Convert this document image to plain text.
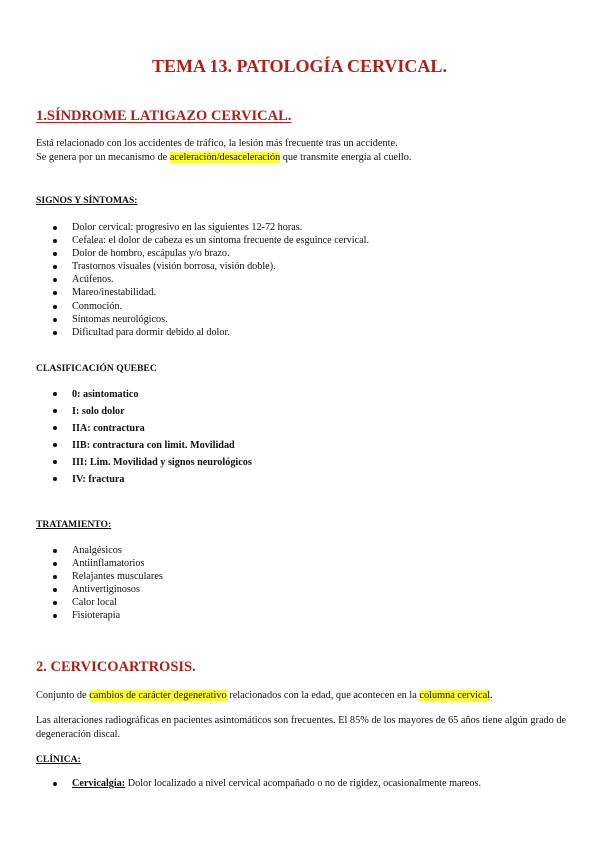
TEMA 13. PATOLOGÍA CERVICAL.
1.SÍNDROME LATIGAZO CERVICAL.

Está relacionado con los accidentes de tráfico, la lesión más frecuente tras un accidente.
Se genera por un mecanismo de aceleración/desaceleración que transmite energía al cuello.

SIGNOS Y SÍNTOMAS:
Dolor cervical: progresivo en las siguientes 12-72 horas.
Cefalea: el dolor de cabeza es un síntoma frecuente de esguince cervical.
Dolor de hombro, escápulas y/o brazo.
Trastornos visuales (visión borrosa, visión doble).
Acúfenos.
Mareo/inestabilidad.
Conmoción.
Síntomas neurológicos.
Dificultad para dormir debido al dolor.
CLASIFICACIÓN QUEBEC
0: asintomatico
I: solo dolor
IIA: contractura
IIB: contractura con limit. Movilidad
III: Lim. Movilidad y signos neurológicos
IV: fractura
TRATAMIENTO:
Analgésicos
Antiinflamatorios
Relajantes musculares
Antivertiginosos
Calor local
Fisioterapia
2. CERVICOARTROSIS.

Conjunto de cambios de carácter degenerativo relacionados con la edad, que acontecen en la columna cervical.

Las alteraciones radiográficas en pacientes asintomáticos son frecuentes. El 85% de los mayores de 65 años tiene algún grado de degeneración discal.

CLÍNICA:
Cervicalgia: Dolor localizado a nivel cervical acompañado o no de rigidez, ocasionalmente mareos.
